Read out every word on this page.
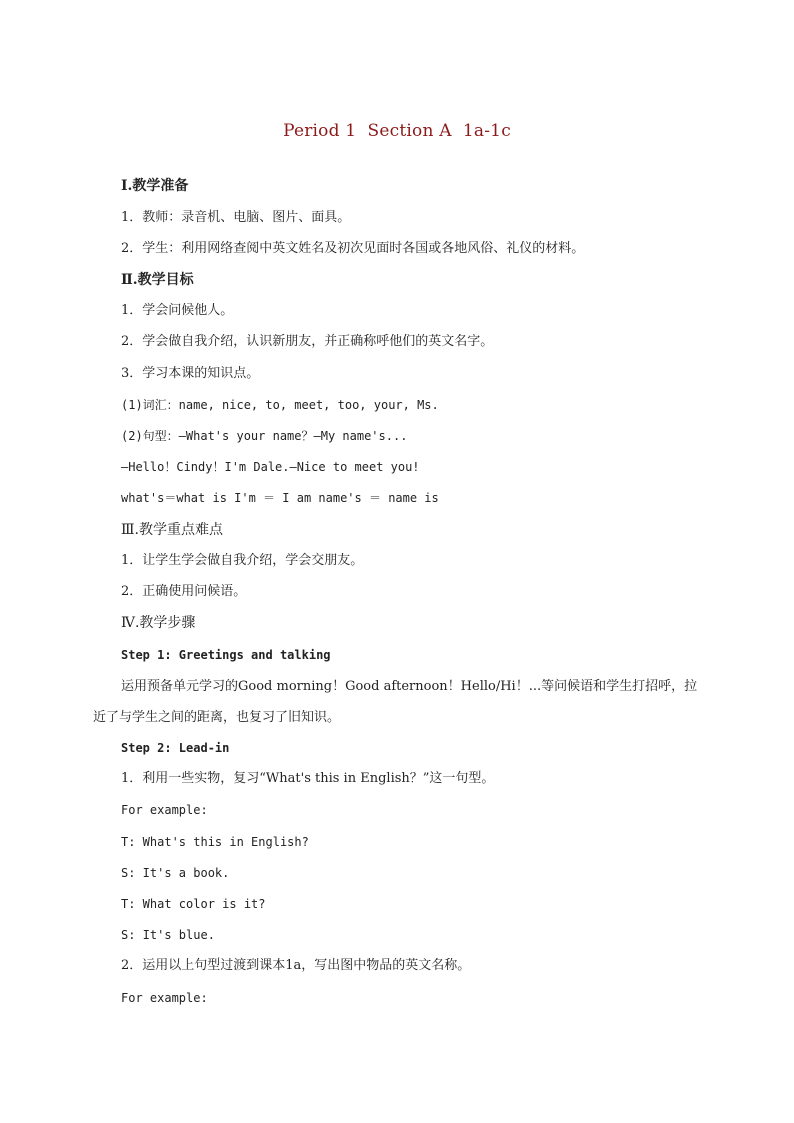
Period 1  Section A  1a-1c
Ⅰ.教学准备
1．教师：录音机、电脑、图片、面具。
2．学生：利用网络查阅中英文姓名及初次见面时各国或各地风俗、礼仪的材料。
Ⅱ.教学目标
1．学会问候他人。
2．学会做自我介绍，认识新朋友，并正确称呼他们的英文名字。
3．学习本课的知识点。
(1)词汇：name, nice, to, meet, too, your, Ms.
(2)句型：—What's your name？—My name's...
—Hello！Cindy！I'm Dale.—Nice to meet you!
what's＝what is I'm ＝ I am name's ＝ name is
Ⅲ.教学重点难点
1．让学生学会做自我介绍，学会交朋友。
2．正确使用问候语。
Ⅳ.教学步骤
Step 1: Greetings and talking
运用预备单元学习的Good morning！Good afternoon！Hello/Hi！...等问候语和学生打招呼，拉近了与学生之间的距离，也复习了旧知识。
Step 2: Lead-in
1．利用一些实物，复习“What's this in English？”这一句型。
For example:
T: What's this in English?
S: It's a book.
T: What color is it?
S: It's blue.
2．运用以上句型过渡到课本1a，写出图中物品的英文名称。
For example:
